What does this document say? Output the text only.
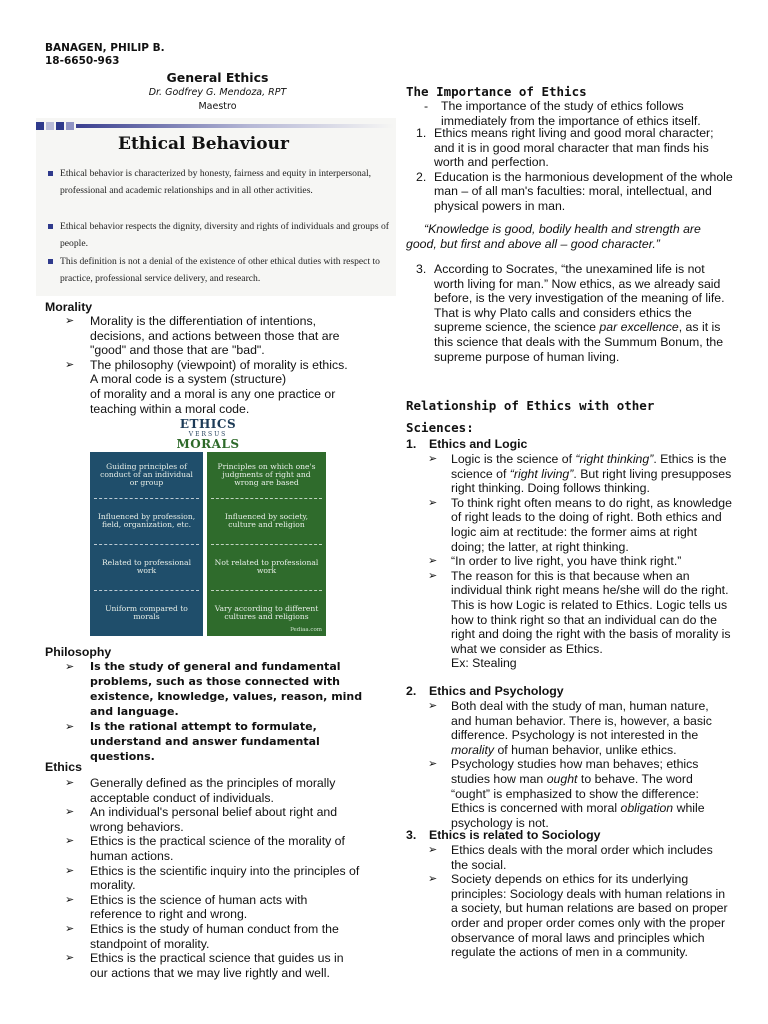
BANAGEN, PHILIP B.
18-6650-963
General Ethics
Dr. Godfrey G. Mendoza, RPT
Maestro
Ethical Behaviour
Ethical behavior is characterized by honesty, fairness and equity in interpersonal, professional and academic relationships and in all other activities.
Ethical behavior respects the dignity, diversity and rights of individuals and groups of people.
This definition is not a denial of the existence of other ethical duties with respect to practice, professional service delivery, and research.
Morality
➢ Morality is the differentiation of intentions, decisions, and actions between those that are "good" and those that are "bad".
➢ The philosophy (viewpoint) of morality is ethics.
A moral code is a system (structure)
of morality and a moral is any one practice or teaching within a moral code.
ETHICS
VERSUS
MORALS
Guiding principles of conduct of an individual or group
Influenced by profession, field, organization, etc.
Related to professional work
Uniform compared to morals
Principles on which one's judgments of right and wrong are based
Influenced by society, culture and religion
Not related to professional work
Vary according to different cultures and religions
Pediaa.com
Philosophy
➢ Is the study of general and fundamental problems, such as those connected with existence, knowledge, values, reason, mind and language.
➢ Is the rational attempt to formulate, understand and answer fundamental questions.
Ethics
➢ Generally defined as the principles of morally acceptable conduct of individuals.
➢ An individual's personal belief about right and wrong behaviors.
➢ Ethics is the practical science of the morality of human actions.
➢ Ethics is the scientific inquiry into the principles of morality.
➢ Ethics is the science of human acts with reference to right and wrong.
➢ Ethics is the study of human conduct from the standpoint of morality.
➢ Ethics is the practical science that guides us in our actions that we may live rightly and well.
The Importance of Ethics
-	The importance of the study of ethics follows immediately from the importance of ethics itself.
1. Ethics means right living and good moral character; and it is in good moral character that man finds his worth and perfection.
2. Education is the harmonious development of the whole man – of all man's faculties: moral, intellectual, and physical powers in man.
“Knowledge is good, bodily health and strength are good, but first and above all – good character.”
3. According to Socrates, “the unexamined life is not worth living for man.” Now ethics, as we already said before, is the very investigation of the meaning of life. That is why Plato calls and considers ethics the supreme science, the science par excellence, as it is this science that deals with the Summum Bonum, the supreme purpose of human living.
Relationship of Ethics with other
Sciences:
1. Ethics and Logic
➢ Logic is the science of “right thinking”. Ethics is the science of “right living”. But right living presupposes right thinking. Doing follows thinking.
➢ To think right often means to do right, as knowledge of right leads to the doing of right. Both ethics and logic aim at rectitude: the former aims at right doing; the latter, at right thinking.
➢ “In order to live right, you have think right.”
➢ The reason for this is that because when an individual think right means he/she will do the right. This is how Logic is related to Ethics. Logic tells us how to think right so that an individual can do the right and doing the right with the basis of morality is what we consider as Ethics.
Ex: Stealing
2. Ethics and Psychology
➢ Both deal with the study of man, human nature, and human behavior. There is, however, a basic difference. Psychology is not interested in the morality of human behavior, unlike ethics.
➢ Psychology studies how man behaves; ethics studies how man ought to behave. The word “ought” is emphasized to show the difference: Ethics is concerned with moral obligation while psychology is not.
3. Ethics is related to Sociology
➢ Ethics deals with the moral order which includes the social.
➢ Society depends on ethics for its underlying principles: Sociology deals with human relations in a society, but human relations are based on proper order and proper order comes only with the proper observance of moral laws and principles which regulate the actions of men in a community.
